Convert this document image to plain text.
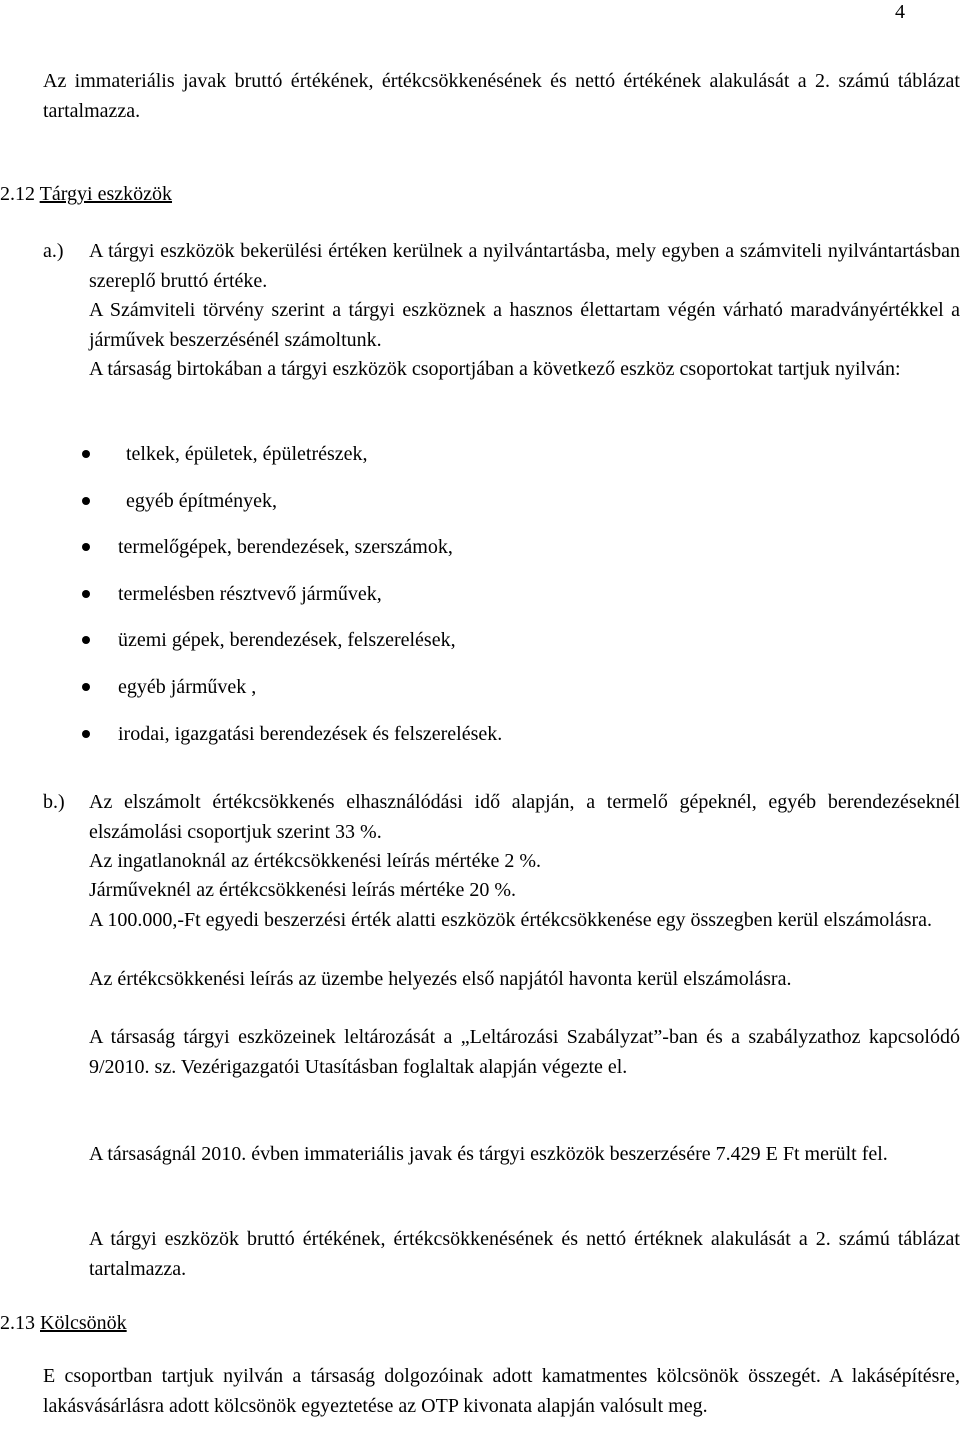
4

Az immateriális javak bruttó értékének, értékcsökkenésének és nettó értékének alakulását a 2. számú táblázat tartalmazza.

2.12 Tárgyi eszközök
a.) A tárgyi eszközök bekerülési értéken kerülnek a nyilvántartásba, mely egyben a számviteli nyilvántartásban szereplő bruttó értéke.

A Számviteli törvény szerint a tárgyi eszköznek a hasznos élettartam végén várható maradványértékkel a járművek beszerzésénél számoltunk.

A társaság birtokában a tárgyi eszközök csoportjában a következő eszköz csoportokat tartjuk nyilván:

telkek, épületek, épületrészek,
egyéb építmények,
termelőgépek, berendezések, szerszámok,
termelésben résztvevő járművek,
üzemi gépek, berendezések, felszerelések,
egyéb járművek ,
irodai, igazgatási berendezések és felszerelések.
b.) Az elszámolt értékcsökkenés elhasználódási idő alapján, a termelő gépeknél, egyéb berendezéseknél elszámolási csoportjuk szerint 33 %.

Az ingatlanoknál az értékcsökkenési leírás mértéke 2 %.

Járműveknél az értékcsökkenési leírás mértéke 20 %.

A 100.000,-Ft egyedi beszerzési érték alatti eszközök értékcsökkenése egy összegben kerül elszámolásra.

Az értékcsökkenési leírás az üzembe helyezés első napjától havonta kerül elszámolásra.

A társaság tárgyi eszközeinek leltározását a „Leltározási Szabályzat”-ban és a szabályzathoz kapcsolódó 9/2010. sz. Vezérigazgatói Utasításban foglaltak alapján végezte el.

A társaságnál 2010. évben immateriális javak és tárgyi eszközök beszerzésére 7.429 E Ft merült fel.

A tárgyi eszközök bruttó értékének, értékcsökkenésének és nettó értéknek alakulását a 2. számú táblázat tartalmazza.

2.13 Kölcsönök

E csoportban tartjuk nyilván a társaság dolgozóinak adott kamatmentes kölcsönök összegét. A lakásépítésre, lakásvásárlásra adott kölcsönök egyeztetése az OTP kivonata alapján valósult meg.
